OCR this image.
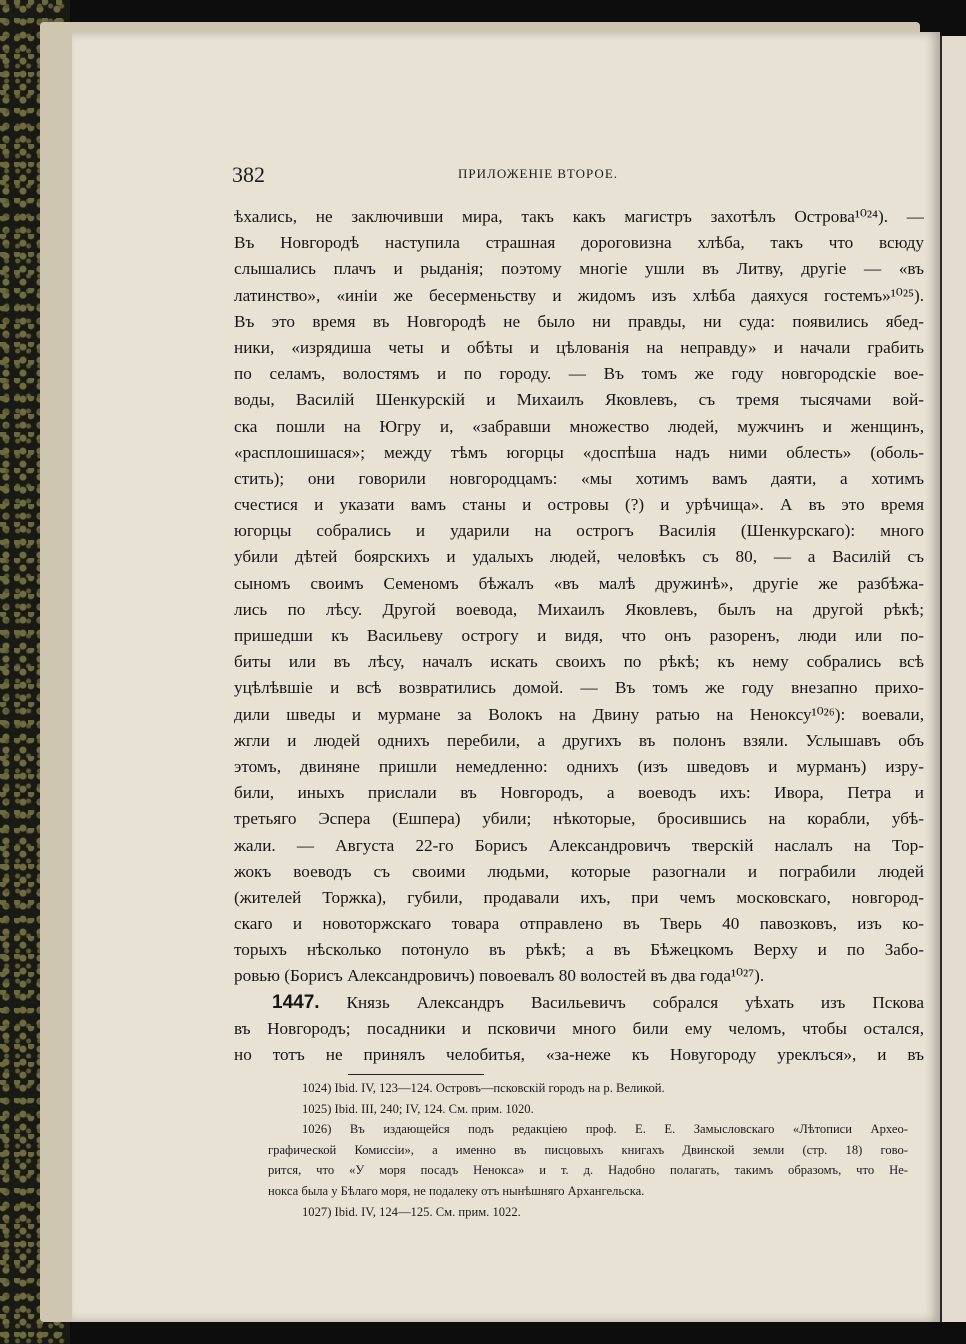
382	ПРИЛОЖЕНІЕ ВТОРОЕ.
ѣхались, не заключивши мира, такъ какъ магистръ захотѣлъ Острова¹⁰²⁴). —
Въ Новгородѣ наступила страшная дороговизна хлѣба, такъ что всюду
слышались плачъ и рыданія; поэтому многіе ушли въ Литву, другіе — «въ
латинство», «иніи же бесерменьству и жидомъ изъ хлѣба даяхуся гостемъ»¹⁰²⁵).
Въ это время въ Новгородѣ не было ни правды, ни суда: появились ябед-
ники, «изрядиша четы и обѣты и цѣлованія на неправду» и начали грабить
по селамъ, волостямъ и по городу. — Въ томъ же году новгородскіе вое-
воды, Василій Шенкурскій и Михаилъ Яковлевъ, съ тремя тысячами вой-
ска пошли на Югру и, «забравши множество людей, мужчинъ и женщинъ,
«расплошишася»; между тѣмъ югорцы «доспѣша надъ ними облесть» (оболь-
стить); они говорили новгородцамъ: «мы хотимъ вамъ даяти, а хотимъ
счестися и указати вамъ станы и островы (?) и урѣчища». А въ это время
югорцы собрались и ударили на острогъ Василія (Шенкурскаго): много
убили дѣтей боярскихъ и удалыхъ людей, человѣкъ съ 80, — а Василій съ
сыномъ своимъ Семеномъ бѣжалъ «въ малѣ дружинѣ», другіе же разбѣжа-
лись по лѣсу. Другой воевода, Михаилъ Яковлевъ, былъ на другой рѣкѣ;
пришедши къ Васильеву острогу и видя, что онъ разоренъ, люди или по-
биты или въ лѣсу, началъ искать своихъ по рѣкѣ; къ нему собрались всѣ
уцѣлѣвшіе и всѣ возвратились домой. — Въ томъ же году внезапно прихо-
дили шведы и мурмане за Волокъ на Двину ратью на Неноксу¹⁰²⁶): воевали,
жгли и людей однихъ перебили, а другихъ въ полонъ взяли. Услышавъ объ
этомъ, двиняне пришли немедленно: однихъ (изъ шведовъ и мурманъ) изру-
били, иныхъ прислали въ Новгородъ, а воеводъ ихъ: Ивора, Петра и
третьяго Эспера (Ешпера) убили; нѣкоторые, бросившись на корабли, убѣ-
жали. — Августа 22-го Борисъ Александровичъ тверскій наслалъ на Тор-
жокъ воеводъ съ своими людьми, которые разогнали и пограбили людей
(жителей Торжка), губили, продавали ихъ, при чемъ московскаго, новгород-
скаго и новоторжскаго товара отправлено въ Тверь 40 павозковъ, изъ ко-
торыхъ нѣсколько потонуло въ рѣкѣ; а въ Бѣжецкомъ Верху и по Забо-
ровью (Борисъ Александровичъ) повоевалъ 80 волостей въ два года¹⁰²⁷).
1447. Князь Александръ Васильевичъ собрался уѣхать изъ Пскова
въ Новгородъ; посадники и псковичи много били ему челомъ, чтобы остался,
но тотъ не принялъ челобитья, «за-неже къ Новугороду уреклъся», и въ
1024) Ibid. IV, 123—124. Островъ—псковскій городъ на р. Великой.
1025) Ibid. III, 240; IV, 124. См. прим. 1020.
1026) Въ издающейся подъ редакціею проф. Е. Е. Замысловскаго «Лѣтописи Архео-
графической Комиссіи», а именно въ писцовыхъ книгахъ Двинской земли (стр. 18) гово-
рится, что «У моря посадъ Ненокса» и т. д. Надобно полагать, такимъ образомъ, что Не-
нокса была у Бѣлаго моря, не подалеку отъ нынѣшняго Архангельска.
1027) Ibid. IV, 124—125. См. прим. 1022.
